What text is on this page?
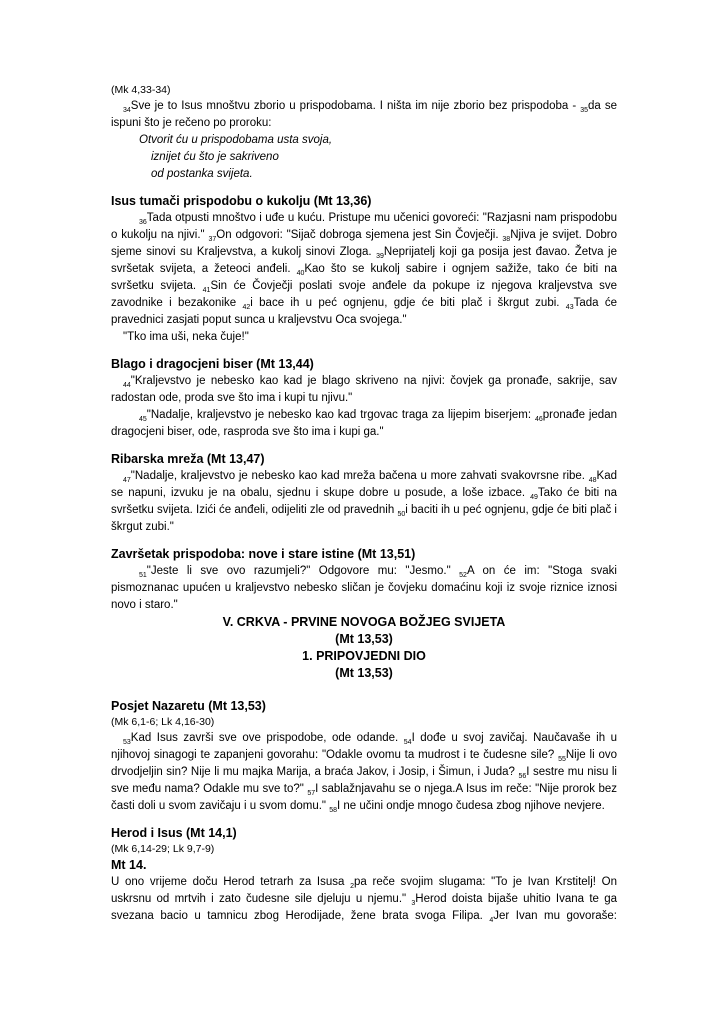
(Mk 4,33-34)

$_{34}$Sve je to Isus mnoštvu zborio u prispodobama. I ništa im nije zborio bez prispodoba - $_{35}$da se ispuni što je rečeno po proroku:

Otvorit ću u prispodobama usta svoja,

iznijet ću što je sakriveno

od postanka svijeta.

Isus tumači prispodobu o kukolju (Mt 13,36)

$_{36}$Tada otpusti mnoštvo i uđe u kuću. Pristupe mu učenici govoreći: "Razjasni nam prispodobu o kukolju na njivi." $_{37}$On odgovori: "Sijač dobroga sjemena jest Sin Čovječji. $_{38}$Njiva je svijet. Dobro sjeme sinovi su Kraljevstva, a kukolj sinovi Zloga. $_{39}$Neprijatelj koji ga posija jest đavao. Žetva je svršetak svijeta, a žeteoci anđeli. $_{40}$Kao što se kukolj sabire i ognjem sažiže, tako će biti na svršetku svijeta. $_{41}$Sin će Čovječji poslati svoje anđele da pokupe iz njegova kraljevstva sve zavodnike i bezakonike $_{42}$i bace ih u peć ognjenu, gdje će biti plač i škrgut zubi. $_{43}$Tada će pravednici zasjati poput sunca u kraljevstvu Oca svojega."

"Tko ima uši, neka čuje!"

Blago i dragocjeni biser (Mt 13,44)

$_{44}$"Kraljevstvo je nebesko kao kad je blago skriveno na njivi: čovjek ga pronađe, sakrije, sav radostan ode, proda sve što ima i kupi tu njivu."

$_{45}$"Nadalje, kraljevstvo je nebesko kao kad trgovac traga za lijepim biserjem: $_{46}$pronađe jedan dragocjeni biser, ode, rasproda sve što ima i kupi ga."

Ribarska mreža (Mt 13,47)

$_{47}$"Nadalje, kraljevstvo je nebesko kao kad mreža bačena u more zahvati svakovrsne ribe. $_{48}$Kad se napuni, izvuku je na obalu, sjednu i skupe dobre u posude, a loše izbace. $_{49}$Tako će biti na svršetku svijeta. Izići će anđeli, odijeliti zle od pravednih $_{50}$i baciti ih u peć ognjenu, gdje će biti plač i škrgut zubi."

Završetak prispodoba: nove i stare istine (Mt 13,51)

$_{51}$"Jeste li sve ovo razumjeli?" Odgovore mu: "Jesmo." $_{52}$A on će im: "Stoga svaki pismoznanac upućen u kraljevstvo nebesko sličan je čovjeku domaćinu koji iz svoje riznice iznosi novo i staro."

V. CRKVA - PRVINE NOVOGA BOŽJEG SVIJETA

(Mt 13,53)

1. PRIPOVJEDNI DIO

(Mt 13,53)

Posjet Nazaretu (Mt 13,53)

(Mk 6,1-6; Lk 4,16-30)

$_{53}$Kad Isus završi sve ove prispodobe, ode odande. $_{54}$I dođe u svoj zavičaj. Naučavaše ih u njihovoj sinagogi te zapanjeni govorahu: "Odakle ovomu ta mudrost i te čudesne sile? $_{55}$Nije li ovo drvodjeljin sin? Nije li mu majka Marija, a braća Jakov, i Josip, i Šimun, i Juda? $_{56}$I sestre mu nisu li sve među nama? Odakle mu sve to?" $_{57}$I sablažnjavahu se o njega.A Isus im reče: "Nije prorok bez časti doli u svom zavičaju i u svom domu." $_{58}$I ne učini ondje mnogo čudesa zbog njihove nevjere.

Herod i Isus (Mt 14,1)

(Mk 6,14-29; Lk 9,7-9)

Mt 14.

U ono vrijeme doču Herod tetrarh za Isusa $_2$pa reče svojim slugama: "To je Ivan Krstitelj! On uskrsnu od mrtvih i zato čudesne sile djeluju u njemu." $_3$Herod doista bijaše uhitio Ivana te ga svezana bacio u tamnicu zbog Herodijade, žene brata svoga Filipa. $_4$Jer Ivan mu govoraše:
